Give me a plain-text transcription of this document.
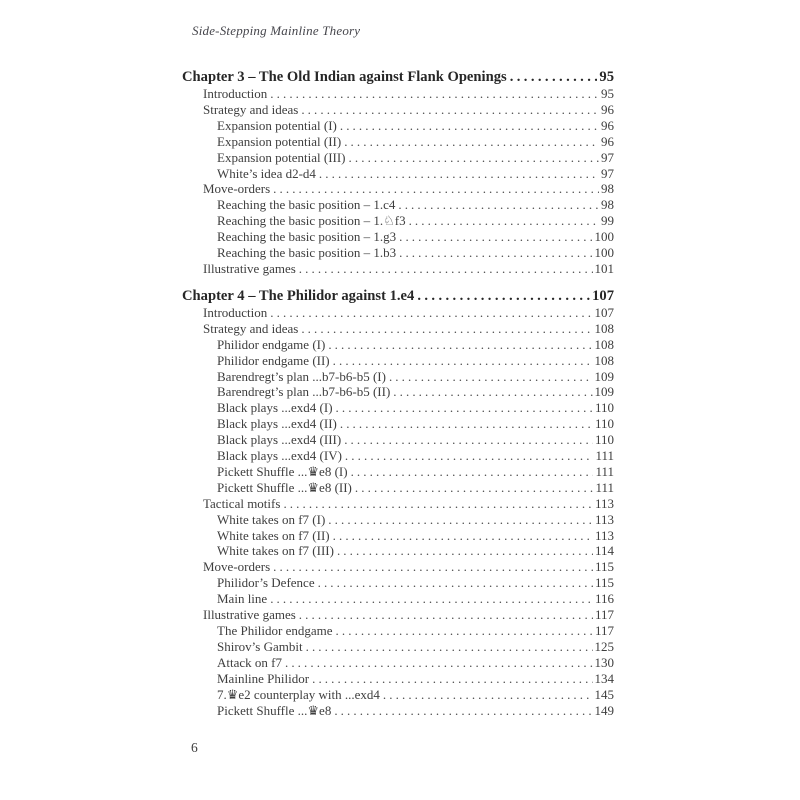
Side-Stepping Mainline Theory
Chapter 3 – The Old Indian against Flank Openings .....	95
Introduction .....	95
Strategy and ideas .....	96
Expansion potential (I) .....	96
Expansion potential (II) .....	96
Expansion potential (III) .....	97
White’s idea d2-d4 .....	97
Move-orders .....	98
Reaching the basic position – 1.c4 .....	98
Reaching the basic position – 1.♘f3 .....	99
Reaching the basic position – 1.g3 .....	100
Reaching the basic position – 1.b3 .....	100
Illustrative games .....	101
Chapter 4 – The Philidor against 1.e4 .....	107
Introduction .....	107
Strategy and ideas .....	108
Philidor endgame (I) .....	108
Philidor endgame (II) .....	108
Barendregt’s plan ...b7-b6-b5 (I) .....	109
Barendregt’s plan ...b7-b6-b5 (II) .....	109
Black plays ...exd4 (I) .....	110
Black plays ...exd4 (II) .....	110
Black plays ...exd4 (III) .....	110
Black plays ...exd4 (IV) .....	111
Pickett Shuffle ...♛e8 (I) .....	111
Pickett Shuffle ...♛e8 (II) .....	111
Tactical motifs .....	113
White takes on f7 (I) .....	113
White takes on f7 (II) .....	113
White takes on f7 (III) .....	114
Move-orders .....	115
Philidor’s Defence .....	115
Main line .....	116
Illustrative games .....	117
The Philidor endgame .....	117
Shirov’s Gambit .....	125
Attack on f7 .....	130
Mainline Philidor .....	134
7.♛e2 counterplay with ...exd4 .....	145
Pickett Shuffle ...♛e8 .....	149
6
